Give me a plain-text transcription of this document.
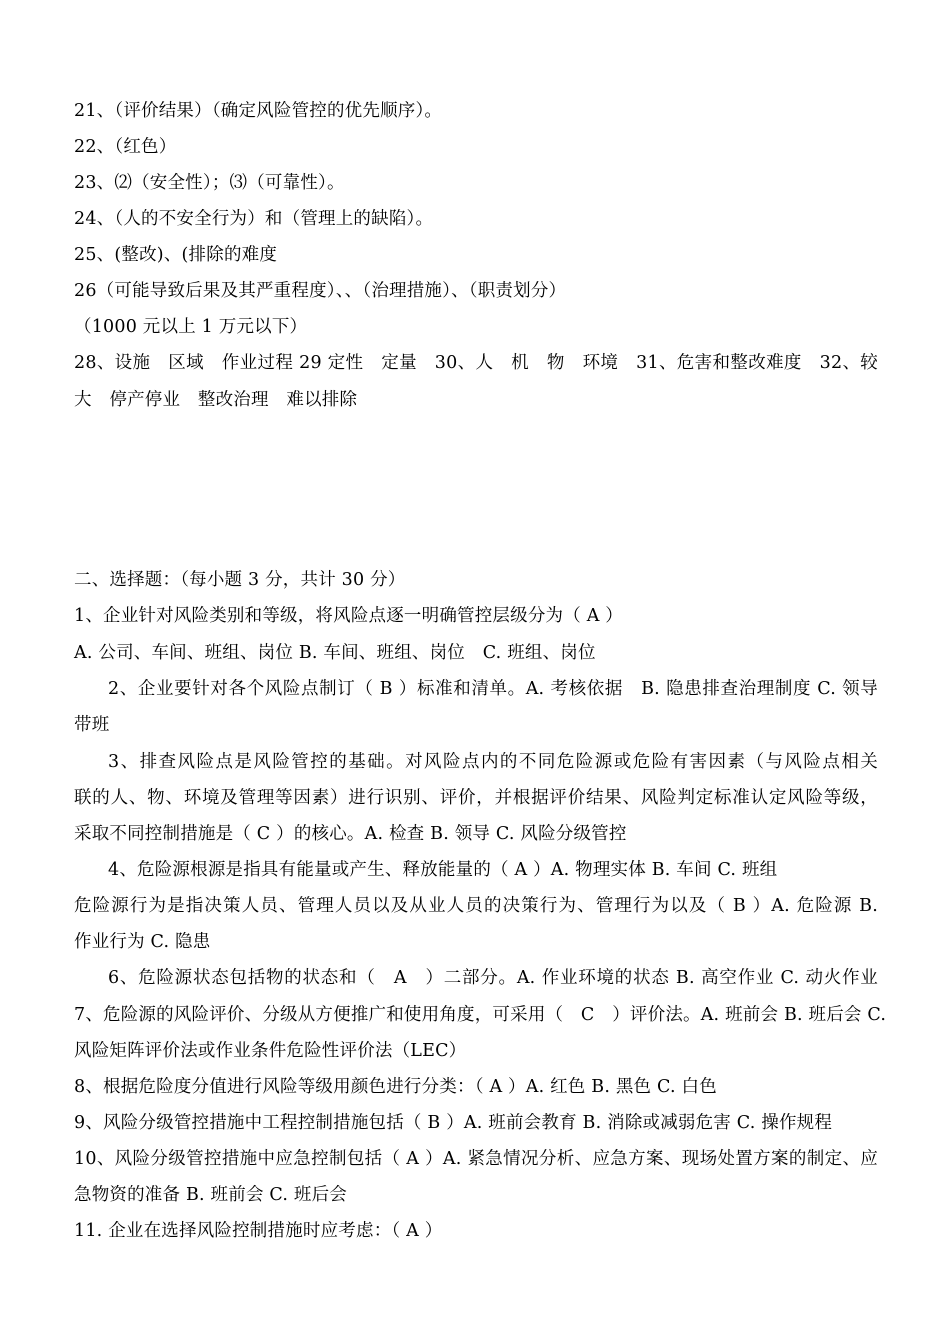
21、（评价结果）（确定风险管控的优先顺序）。
22、（红色）
23、⑵（安全性）；⑶（可靠性）。
24、（人的不安全行为）和（管理上的缺陷）。
25、(整改)、(排除的难度
26（可能导致后果及其严重程度）、、（治理措施）、（职责划分）
（1000 元以上 1 万元以下）
28、设施　区域　作业过程 29 定性　定量　30、人　机　物　环境　31、危害和整改难度　32、较
大　停产停业　整改治理　难以排除
二、选择题：（每小题 3 分，共计 30 分）
1、企业针对风险类别和等级，将风险点逐一明确管控层级分为（ A ）
A. 公司、车间、班组、岗位 B. 车间、班组、岗位　C. 班组、岗位
2、企业要针对各个风险点制订（ B ）标准和清单。A. 考核依据　B. 隐患排查治理制度 C. 领导
带班
3、排查风险点是风险管控的基础。对风险点内的不同危险源或危险有害因素（与风险点相关
联的人、物、环境及管理等因素）进行识别、评价，并根据评价结果、风险判定标准认定风险等级，
采取不同控制措施是（ C ）的核心。A. 检查 B. 领导 C. 风险分级管控
4、危险源根源是指具有能量或产生、释放能量的（ A ）A. 物理实体 B. 车间 C. 班组
危险源行为是指决策人员、管理人员以及从业人员的决策行为、管理行为以及（ B ）A. 危险源 B.
作业行为 C. 隐患
6、危险源状态包括物的状态和（　A　）二部分。A. 作业环境的状态 B. 高空作业 C. 动火作业
7、危险源的风险评价、分级从方便推广和使用角度，可采用（　C　）评价法。A. 班前会 B. 班后会 C.
风险矩阵评价法或作业条件危险性评价法（LEC）
8、根据危险度分值进行风险等级用颜色进行分类：（ A ）A. 红色 B. 黑色 C. 白色
9、风险分级管控措施中工程控制措施包括（ B ）A. 班前会教育 B. 消除或减弱危害 C. 操作规程
10、风险分级管控措施中应急控制包括（ A ）A. 紧急情况分析、应急方案、现场处置方案的制定、应
急物资的准备 B. 班前会 C. 班后会
11. 企业在选择风险控制措施时应考虑：（ A ）
